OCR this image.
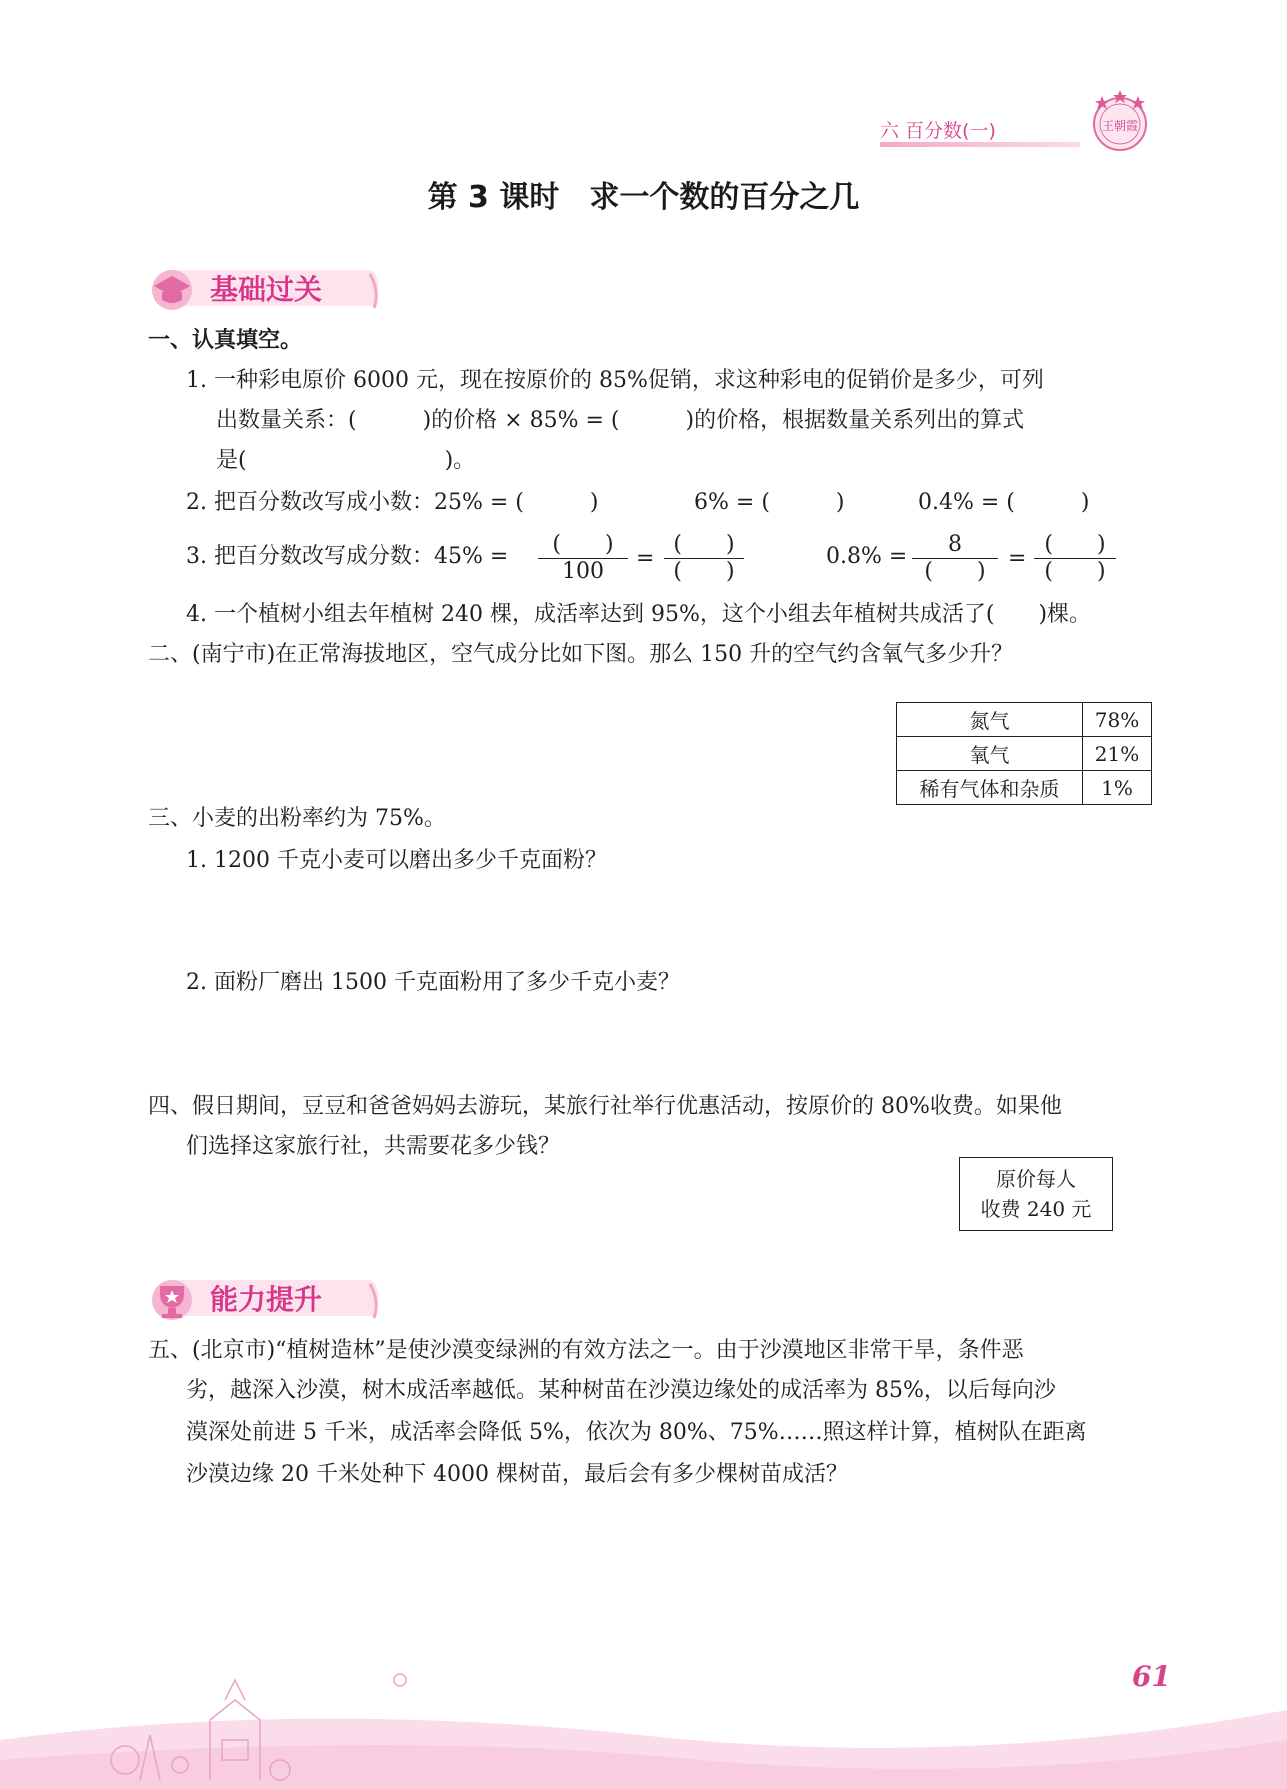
六 百分数(一)	王朝霞
第 3 课时　求一个数的百分之几
基础过关
一、认真填空。
1. 一种彩电原价 6000 元，现在按原价的 85%促销，求这种彩电的促销价是多少，可列
出数量关系：(　　　)的价格 × 85% = (　　　)的价格，根据数量关系列出的算式
是(　　　　　　　　　)。
2. 把百分数改写成小数：25% = (　　　)	6% = (　　　)	0.4% = (　　　)
3. 把百分数改写成分数：45% =	(　　)
100
=
(　　)
(　　)
0.8% =	8
(　　)
=
(　　)
(　　)
4. 一个植树小组去年植树 240 棵，成活率达到 95%，这个小组去年植树共成活了(　　)棵。
二、(南宁市)在正常海拔地区，空气成分比如下图。那么 150 升的空气约含氧气多少升？
氮气	78%
氧气	21%
稀有气体和杂质	1%
三、小麦的出粉率约为 75%。
1. 1200 千克小麦可以磨出多少千克面粉？
2. 面粉厂磨出 1500 千克面粉用了多少千克小麦？
四、假日期间，豆豆和爸爸妈妈去游玩，某旅行社举行优惠活动，按原价的 80%收费。如果他
们选择这家旅行社，共需要花多少钱？
原价每人
收费 240 元
能力提升
五、(北京市)“植树造林”是使沙漠变绿洲的有效方法之一。由于沙漠地区非常干旱，条件恶
劣，越深入沙漠，树木成活率越低。某种树苗在沙漠边缘处的成活率为 85%，以后每向沙
漠深处前进 5 千米，成活率会降低 5%，依次为 80%、75%……照这样计算，植树队在距离
沙漠边缘 20 千米处种下 4000 棵树苗，最后会有多少棵树苗成活？
61
